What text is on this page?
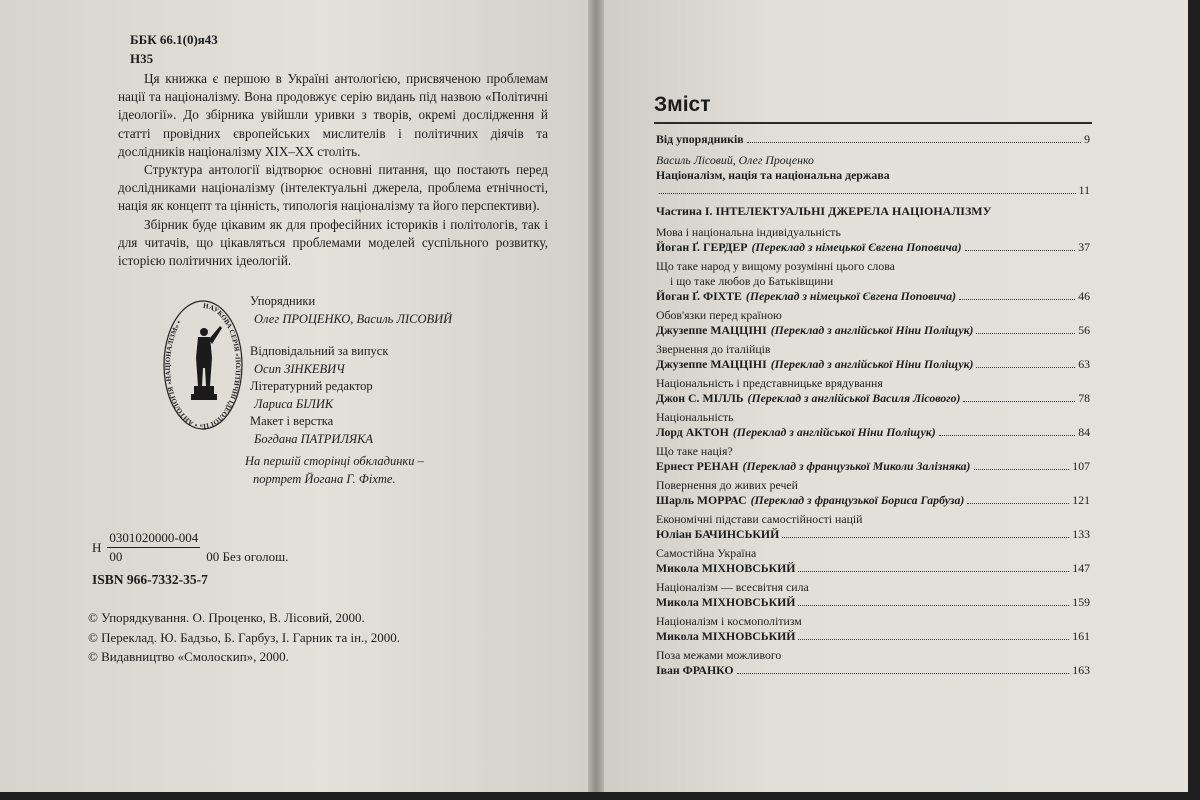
ББК 66.1(0)я43
Н35

Ця книжка є першою в Україні антологією, присвяченою проблемам нації та націоналізму. Вона продовжує серію видань під назвою «Політичні ідеології». До збірника увійшли уривки з творів, окремі дослідження й статті провідних європейських мислителів і політичних діячів та дослідників націоналізму XIX–XX століть.

Структура антології відтворює основні питання, що постають перед дослідниками націоналізму (інтелектуальні джерела, проблема етнічності, нація як концепт та цінність, типологія націоналізму та його перспективи).

Збірник буде цікавим як для професійних істориків і політологів, так і для читачів, що цікавляться проблемами моделей суспільного розвитку, історією політичних ідеологій.

НАУКОВА СЕРІЯ «ПОЛІТИЧНІ ІДЕОЛОГІЇ» • АНТОЛОГІЯ «НАЦІОНАЛІЗМ» •
Упорядники
Олег ПРОЦЕНКО, Василь ЛІСОВИЙ
Відповідальний за випуск
Осип ЗІНКЕВИЧ
Літературний редактор
Лариса БІЛИК
Макет і верстка
Богдана ПАТРИЛЯКА
На першій сторінці обкладинки –
портрет Йогана Г. Фіхте.
Н $\frac{0301020000-004}{00} 00$ Без оголош.
ISBN 966-7332-35-7
© Упорядкування. О. Проценко, В. Лісовий, 2000.
© Переклад. Ю. Бадзьо, Б. Гарбуз, І. Гарник та ін., 2000.
© Видавництво «Смолоскип», 2000.
Зміст
Від упорядників	9
Василь Лісовий, Олег Проценко
Націоналізм, нація та національна держава
11
Частина I. ІНТЕЛЕКТУАЛЬНІ ДЖЕРЕЛА НАЦІОНАЛІЗМУ
Мова і національна індивідуальність
Йоган Ґ. ГЕРДЕР (Переклад з німецької Євгена Поповича)	37
Що таке народ у вищому розумінні цього слова
і що таке любов до Батьківщини
Йоган Ґ. ФІХТЕ (Переклад з німецької Євгена Поповича)	46
Обов'язки перед країною
Джузеппе МАЦЦІНІ (Переклад з англійської Ніни Поліщук)	56
Звернення до італійців
Джузеппе МАЦЦІНІ (Переклад з англійської Ніни Поліщук)	63
Національність і представницьке врядування
Джон С. МІЛЛЬ (Переклад з англійської Василя Лісового)	78
Національність
Лорд АКТОН (Переклад з англійської Ніни Поліщук)	84
Що таке нація?
Ернест РЕНАН (Переклад з французької Миколи Залізняка)	107
Повернення до живих речей
Шарль МОРРАС (Переклад з французької Бориса Гарбуза)	121
Економічні підстави самостійності націй
Юліан БАЧИНСЬКИЙ	133
Самостійна Україна
Микола МІХНОВСЬКИЙ	147
Націоналізм — всесвітня сила
Микола МІХНОВСЬКИЙ	159
Націоналізм і космополітизм
Микола МІХНОВСЬКИЙ	161
Поза межами можливого
Іван ФРАНКО	163
